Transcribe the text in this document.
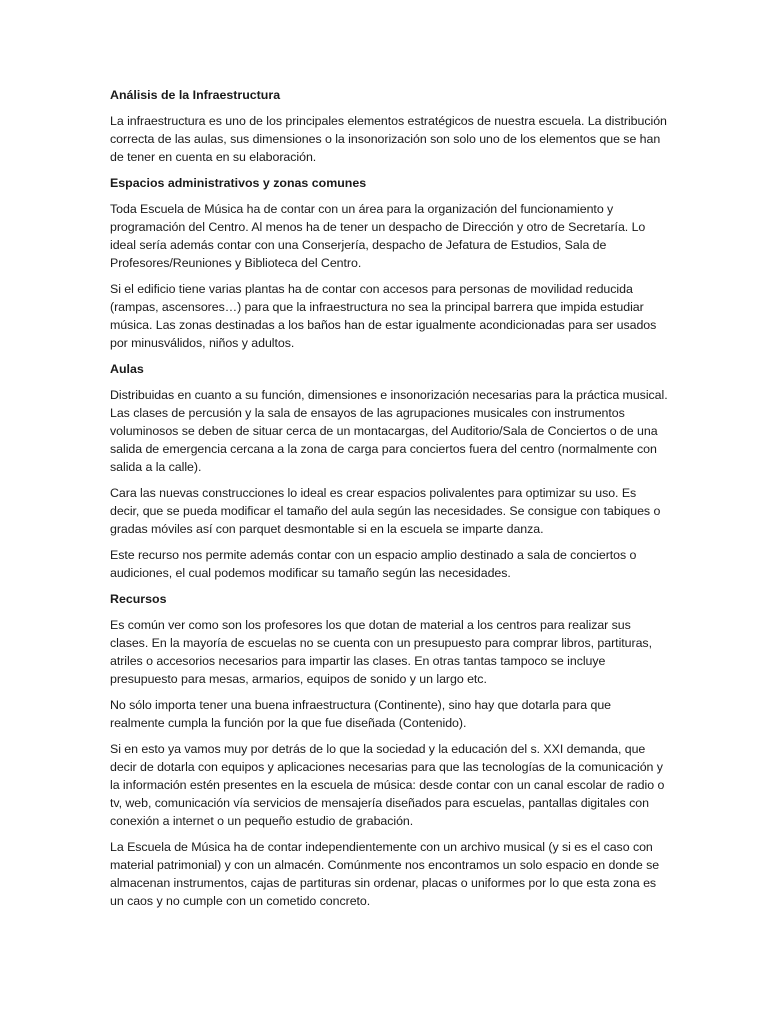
Análisis de la Infraestructura

La infraestructura es uno de los principales elementos estratégicos de nuestra escuela. La distribución correcta de las aulas, sus dimensiones o la insonorización son solo uno de los elementos que se han de tener en cuenta en su elaboración.

Espacios administrativos y zonas comunes

Toda Escuela de Música ha de contar con un área para la organización del funcionamiento y programación del Centro. Al menos ha de tener un despacho de Dirección y otro de Secretaría. Lo ideal sería además contar con una Conserjería, despacho de Jefatura de Estudios, Sala de Profesores/Reuniones y Biblioteca del Centro.

Si el edificio tiene varias plantas ha de contar con accesos para personas de movilidad reducida (rampas, ascensores…) para que la infraestructura no sea la principal barrera que impida estudiar música. Las zonas destinadas a los baños han de estar igualmente acondicionadas para ser usados por minusválidos, niños y adultos.

Aulas

Distribuidas en cuanto a su función, dimensiones e insonorización necesarias para la práctica musical. Las clases de percusión y la sala de ensayos de las agrupaciones musicales con instrumentos voluminosos se deben de situar cerca de un montacargas, del Auditorio/Sala de Conciertos o de una salida de emergencia cercana a la zona de carga para conciertos fuera del centro (normalmente con salida a la calle).

Cara las nuevas construcciones lo ideal es crear espacios polivalentes para optimizar su uso. Es decir, que se pueda modificar el tamaño del aula según las necesidades. Se consigue con tabiques o gradas móviles así con parquet desmontable si en la escuela se imparte danza.

Este recurso nos permite además contar con un espacio amplio destinado a sala de conciertos o audiciones, el cual podemos modificar su tamaño según las necesidades.

Recursos

Es común ver como son los profesores los que dotan de material a los centros para realizar sus clases. En la mayoría de escuelas no se cuenta con un presupuesto para comprar libros, partituras, atriles o accesorios necesarios para impartir las clases. En otras tantas tampoco se incluye presupuesto para mesas, armarios, equipos de sonido y un largo etc.

No sólo importa tener una buena infraestructura (Continente), sino hay que dotarla para que realmente cumpla la función por la que fue diseñada (Contenido).

Si en esto ya vamos muy por detrás de lo que la sociedad y la educación del s. XXI demanda, que decir de dotarla con equipos y aplicaciones necesarias para que las tecnologías de la comunicación y la información estén presentes en la escuela de música: desde contar con un canal escolar de radio o tv, web, comunicación vía servicios de mensajería diseñados para escuelas, pantallas digitales con conexión a internet o un pequeño estudio de grabación.

La Escuela de Música ha de contar independientemente con un archivo musical (y si es el caso con material patrimonial) y con un almacén. Comúnmente nos encontramos un solo espacio en donde se almacenan instrumentos, cajas de partituras sin ordenar, placas o uniformes por lo que esta zona es un caos y no cumple con un cometido concreto.
